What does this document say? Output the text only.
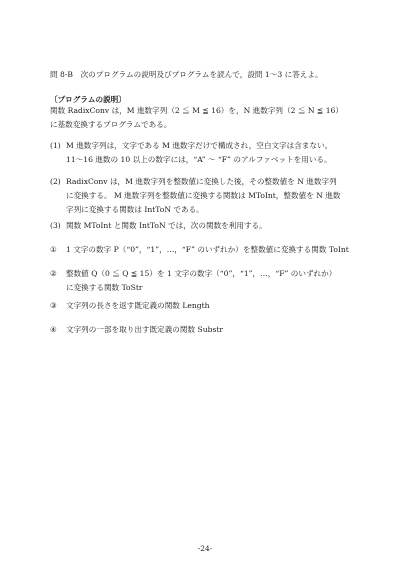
問 8-B　次のプログラムの説明及びプログラムを読んで，設問 1～3 に答えよ。
〔プログラムの説明〕
関数 RadixConv は，M 進数字列（2 ≦ M ≦ 16）を，N 進数字列（2 ≦ N ≦ 16）
に基数変換するプログラムである。
(1) M 進数字列は，文字である M 進数字だけで構成され，空白文字は含まない。
11～16 進数の 10 以上の数字には，“A” ～ “F” のアルファベットを用いる。
(2) RadixConv は，M 進数字列を整数値に変換した後，その整数値を N 進数字列
に変換する。 M 進数字列を整数値に変換する関数は MToInt，整数値を N 進数
字列に変換する関数は IntToN である。
(3) 関数 MToInt と関数 IntToN では，次の関数を利用する。
① 1 文字の数字 P（“0”，“1”，…，“F” のいずれか）を整数値に変換する関数 ToInt
② 整数値 Q（0 ≦ Q ≦ 15）を 1 文字の数字（“0”，“1”，…，“F” のいずれか）
に変換する関数 ToStr
③ 文字列の長さを返す既定義の関数 Length
④ 文字列の一部を取り出す既定義の関数 Substr
-24-
